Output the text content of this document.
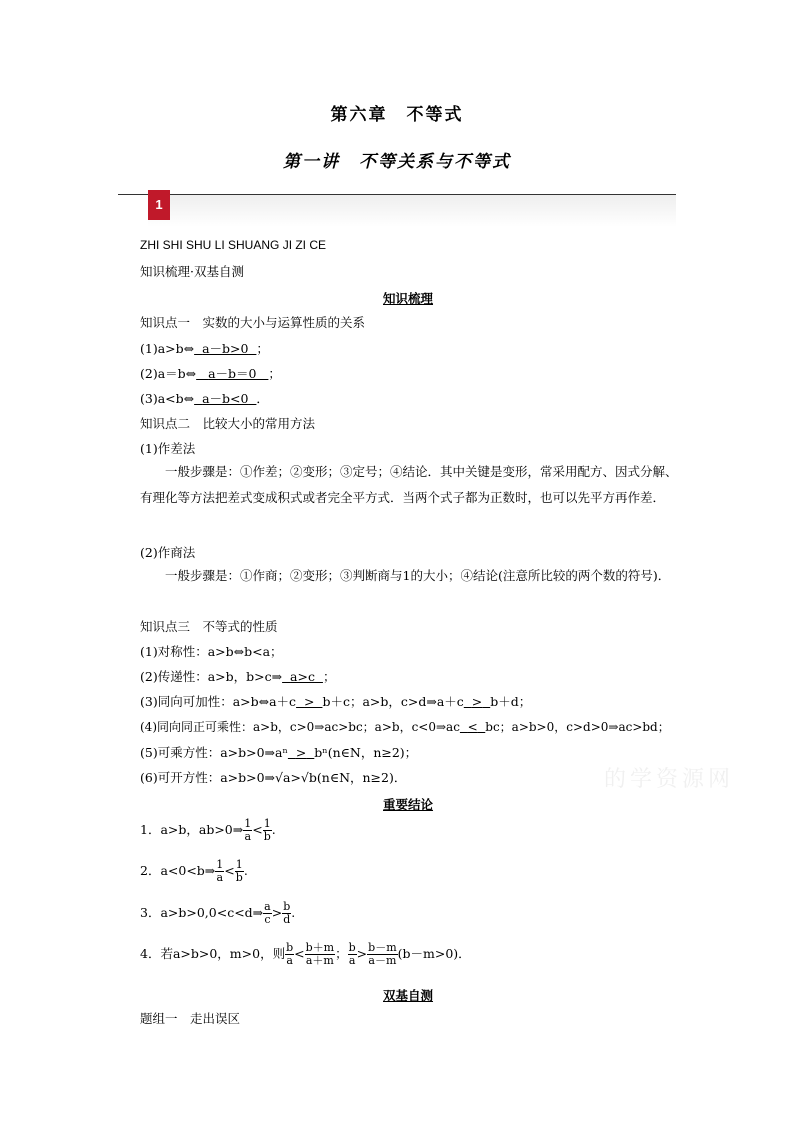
第六章　不等式
第一讲　不等关系与不等式
1
ZHI SHI SHU LI SHUANG JI ZI CE
知识梳理·双基自测
知识梳理
知识点一　实数的大小与运算性质的关系
(1)a>b⇔ a－b>0 ；
(2)a＝b⇔ a－b＝0 ；
(3)a<b⇔ a－b<0 ．
知识点二　比较大小的常用方法
(1)作差法
一般步骤是：①作差；②变形；③定号；④结论．其中关键是变形，常采用配方、因式分解、有理化等方法把差式变成积式或者完全平方式．当两个式子都为正数时，也可以先平方再作差．
(2)作商法
一般步骤是：①作商；②变形；③判断商与1的大小；④结论(注意所比较的两个数的符号)．
知识点三　不等式的性质
(1)对称性：a>b⇔b<a；
(2)传递性：a>b，b>c⇒ a>c ；
(3)同向可加性：a>b⇔a＋c > b＋c；a>b，c>d⇒a＋c > b＋d；
(4)同向同正可乘性：a>b，c>0⇒ac>bc；a>b，c<0⇒ac < bc；a>b>0，c>d>0⇒ac>bd；
(5)可乘方性：a>b>0⇒aⁿ > bⁿ(n∈N，n≥2)；
(6)可开方性：a>b>0⇒√a>√b(n∈N，n≥2)．	的学资源网
重要结论
1．a>b，ab>0⇒ $\frac{1}{a} < \frac{1}{b}$ .
2．a<0<b⇒ $\frac{1}{a} < \frac{1}{b}$ .
3．a>b>0,0<c<d⇒ $\frac{a}{c} > \frac{b}{d}$ .
4．若a>b>0，m>0，则 $\frac{b}{a} < \frac{b+m}{a+m}$ ； $\frac{b}{a} > \frac{b-m}{a-m} (b-m>0)$．
双基自测
题组一　走出误区
